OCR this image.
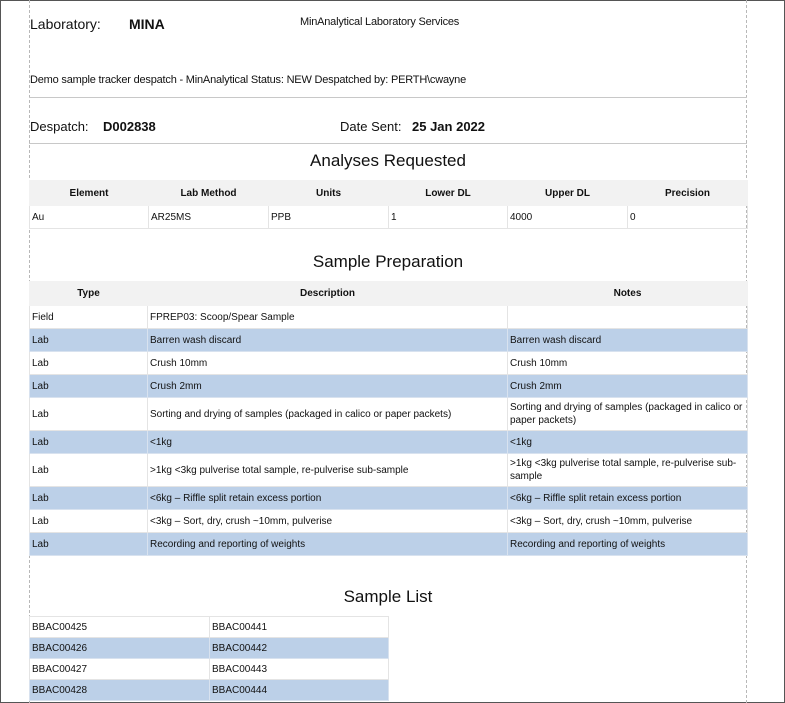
Laboratory: MINA	MinAnalytical Laboratory Services
Demo sample tracker despatch - MinAnalytical Status: NEW Despatched by: PERTH\cwayne
Despatch: D002838	Date Sent: 25 Jan 2022
Analyses Requested
Element	Lab Method	Units	Lower DL	Upper DL	Precision
Au	AR25MS	PPB	1	4000	0
Sample Preparation
Type	Description	Notes
Field	FPREP03: Scoop/Spear Sample	
Lab	Barren wash discard	Barren wash discard
Lab	Crush 10mm	Crush 10mm
Lab	Crush 2mm	Crush 2mm
Lab	Sorting and drying of samples (packaged in calico or paper packets)	Sorting and drying of samples (packaged in calico or paper packets)
Lab	<1kg	<1kg
Lab	>1kg <3kg pulverise total sample, re-pulverise sub-sample	>1kg <3kg pulverise total sample, re-pulverise sub-sample
Lab	<6kg – Riffle split retain excess portion	<6kg – Riffle split retain excess portion
Lab	<3kg – Sort, dry, crush ~10mm, pulverise	<3kg – Sort, dry, crush ~10mm, pulverise
Lab	Recording and reporting of weights	Recording and reporting of weights
Sample List
BBAC00425	BBAC00441
BBAC00426	BBAC00442
BBAC00427	BBAC00443
BBAC00428	BBAC00444
